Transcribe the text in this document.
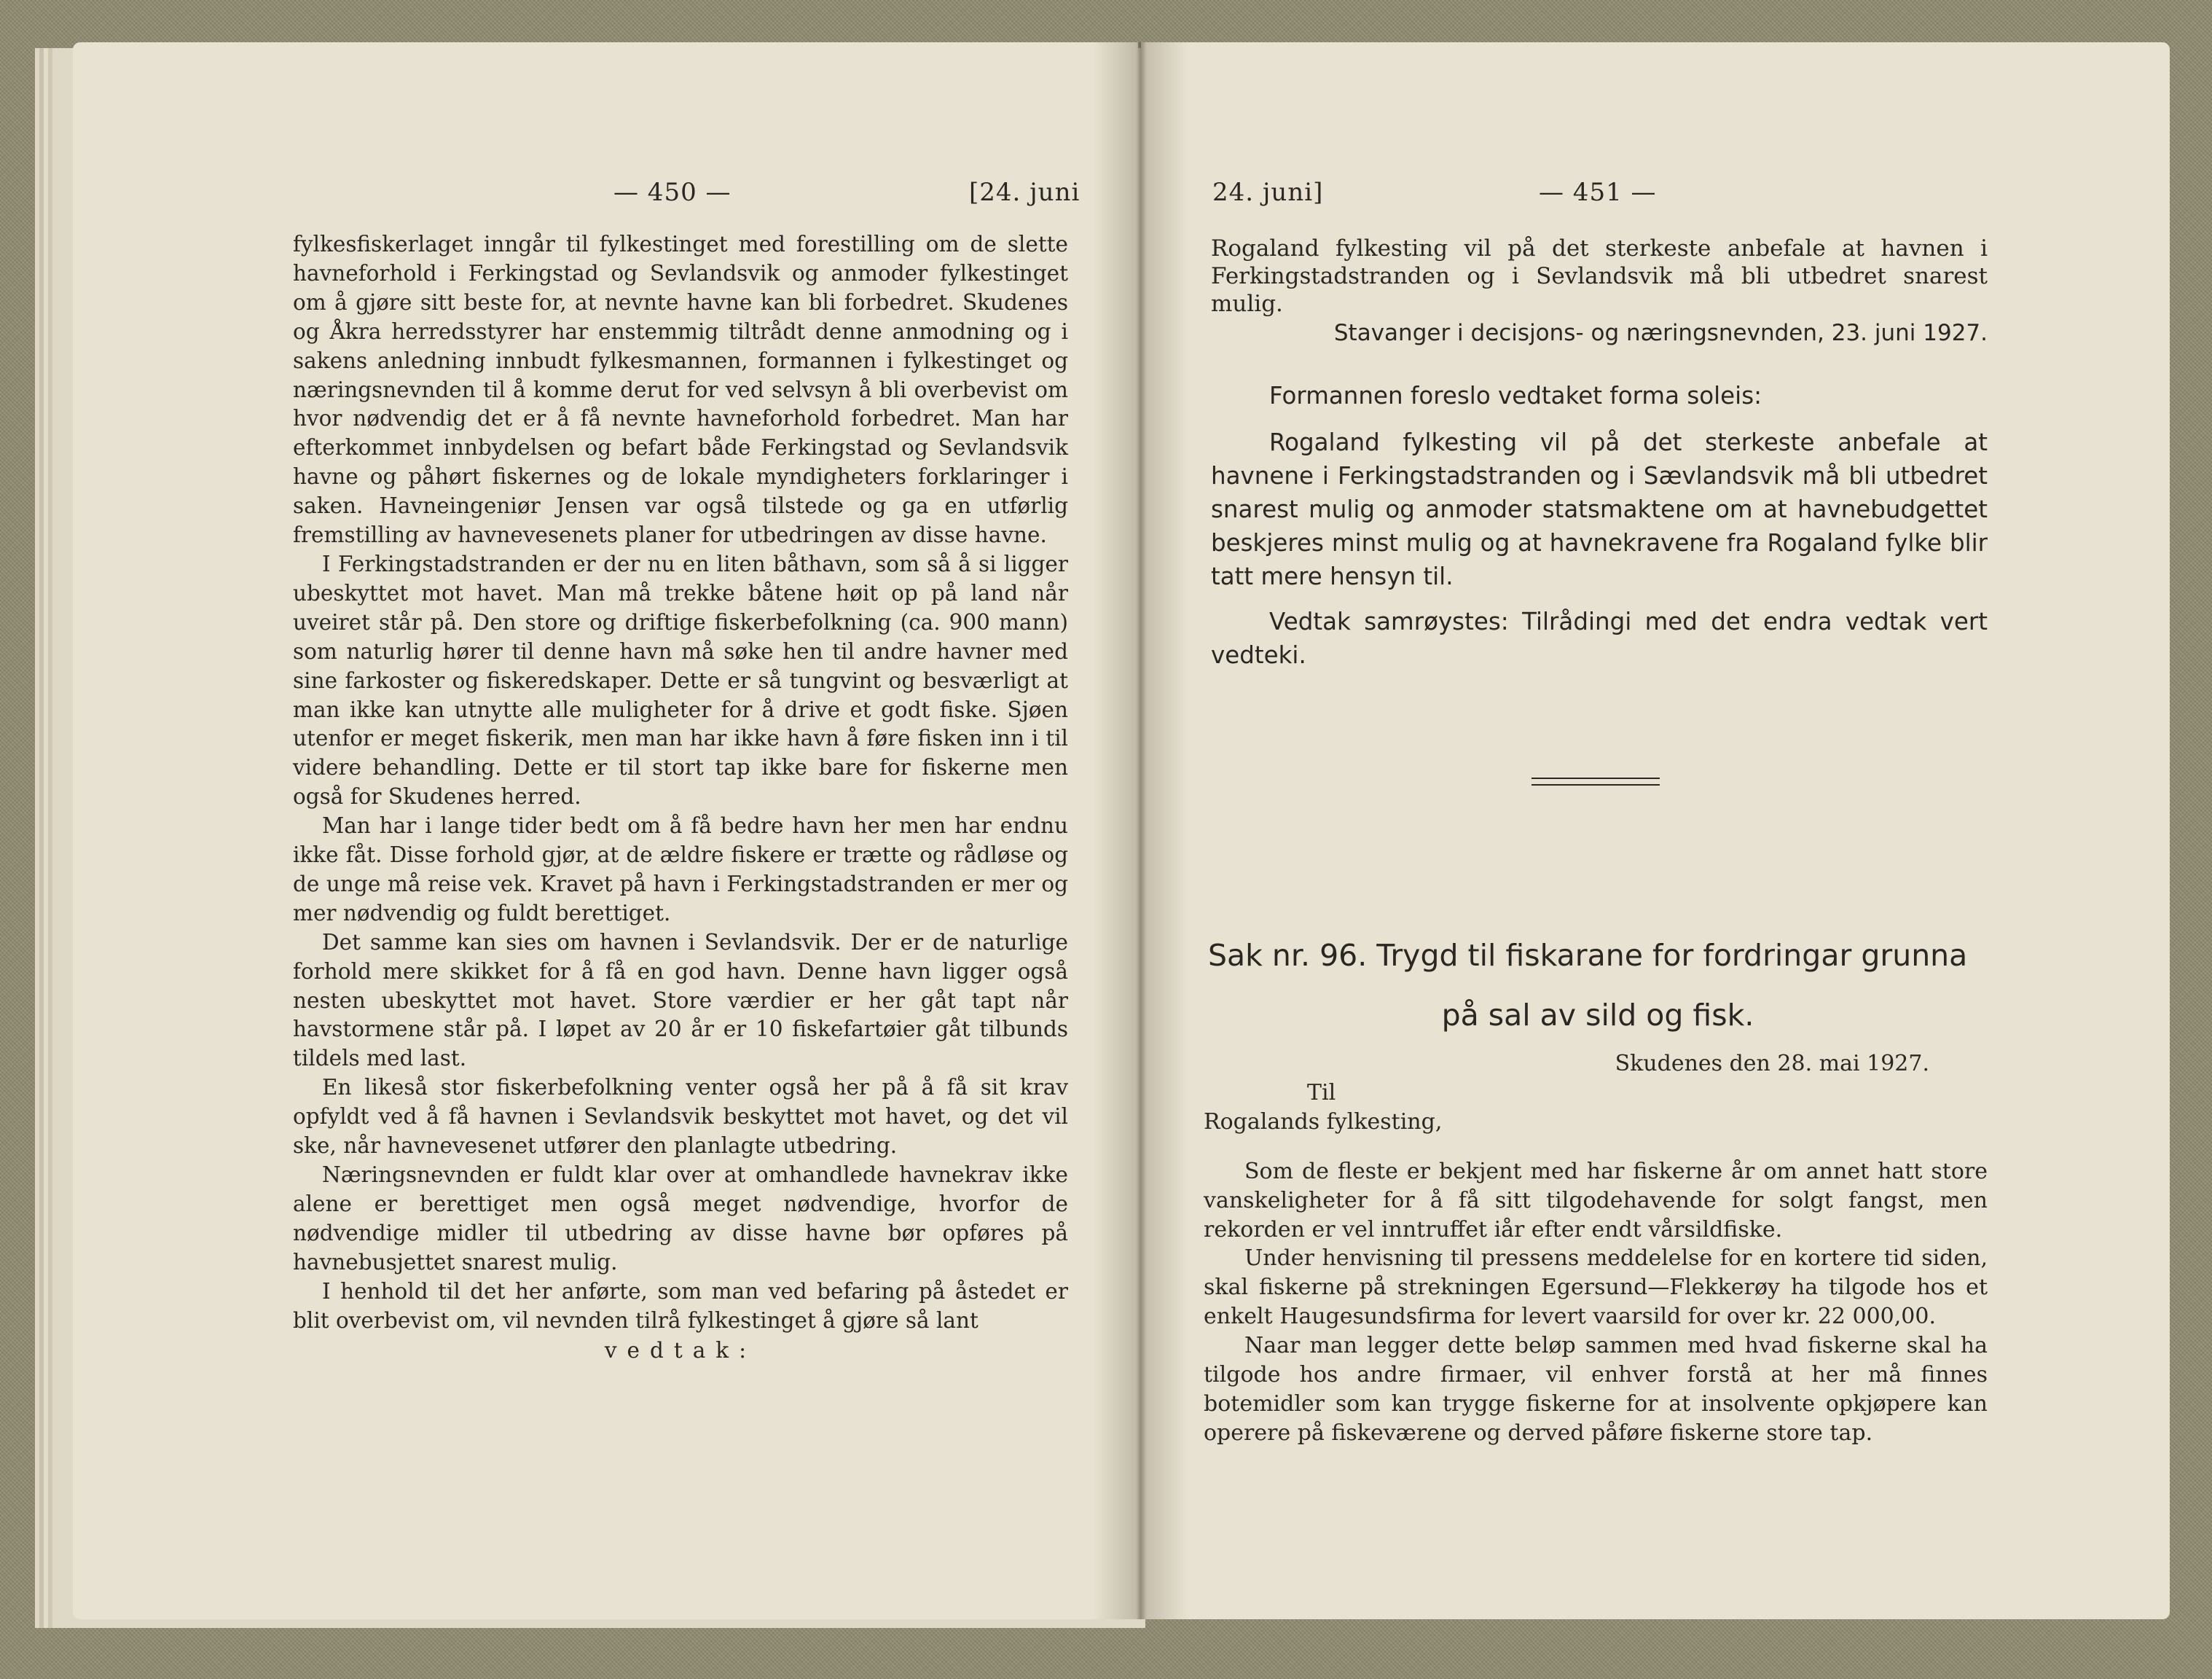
— 450 —	[24. juni

fylkesfiskerlaget inngår til fylkestinget med forestilling om de slette havneforhold i Ferkingstad og Sevlandsvik og anmoder fylkestinget om å gjøre sitt beste for, at nevnte havne kan bli forbedret. Skudenes og Åkra herredsstyrer har enstemmig tiltrådt denne anmodning og i sakens anledning innbudt fylkesmannen, formannen i fylkestinget og næringsnevnden til å komme derut for ved selvsyn å bli overbevist om hvor nødvendig det er å få nevnte havneforhold forbedret. Man har efterkommet innbydelsen og befart både Ferkingstad og Sevlandsvik havne og påhørt fiskernes og de lokale myndigheters forklaringer i saken. Havneingeniør Jensen var også tilstede og ga en utførlig fremstilling av havnevesenets planer for utbedringen av disse havne.

I Ferkingstadstranden er der nu en liten båthavn, som så å si ligger ubeskyttet mot havet. Man må trekke båtene høit op på land når uveiret står på. Den store og driftige fiskerbefolkning (ca. 900 mann) som naturlig hører til denne havn må søke hen til andre havner med sine farkoster og fiskeredskaper. Dette er så tungvint og besværligt at man ikke kan utnytte alle muligheter for å drive et godt fiske. Sjøen utenfor er meget fiskerik, men man har ikke havn å føre fisken inn i til videre behandling. Dette er til stort tap ikke bare for fiskerne men også for Skudenes herred.

Man har i lange tider bedt om å få bedre havn her men har endnu ikke fåt. Disse forhold gjør, at de ældre fiskere er trætte og rådløse og de unge må reise vek. Kravet på havn i Ferkingstadstranden er mer og mer nødvendig og fuldt berettiget.

Det samme kan sies om havnen i Sevlandsvik. Der er de naturlige forhold mere skikket for å få en god havn. Denne havn ligger også nesten ubeskyttet mot havet. Store værdier er her gåt tapt når havstormene står på. I løpet av 20 år er 10 fiskefartøier gåt tilbunds tildels med last.

En likeså stor fiskerbefolkning venter også her på å få sit krav opfyldt ved å få havnen i Sevlandsvik beskyttet mot havet, og det vil ske, når havnevesenet utfører den planlagte utbedring.

Næringsnevnden er fuldt klar over at omhandlede havnekrav ikke alene er berettiget men også meget nødvendige, hvorfor de nødvendige midler til utbedring av disse havne bør opføres på havnebusjettet snarest mulig.

I henhold til det her anførte, som man ved befaring på åstedet er blit overbevist om, vil nevnden tilrå fylkestinget å gjøre så lant

vedtak:
24. juni]	— 451 —

Rogaland fylkesting vil på det sterkeste anbefale at havnen i Ferkingstadstranden og i Sevlandsvik må bli utbedret snarest mulig.

Stavanger i decisjons- og næringsnevnden, 23. juni 1927.
Formannen foreslo vedtaket forma soleis:

Rogaland fylkesting vil på det sterkeste anbefale at havnene i Ferkingstadstranden og i Sævlandsvik må bli utbedret snarest mulig og anmoder statsmaktene om at havnebudgettet beskjeres minst mulig og at havnekravene fra Rogaland fylke blir tatt mere hensyn til.

Vedtak samrøystes: Tilrådingi med det endra vedtak vert vedteki.

Sak nr. 96. Trygd til fiskarane for fordringar grunna
på sal av sild og fisk.

Skudenes den 28. mai 1927.

Til

Rogalands fylkesting,

Som de fleste er bekjent med har fiskerne år om annet hatt store vanskeligheter for å få sitt tilgodehavende for solgt fangst, men rekorden er vel inntruffet iår efter endt vårsildfiske.

Under henvisning til pressens meddelelse for en kortere tid siden, skal fiskerne på strekningen Egersund—Flekkerøy ha tilgode hos et enkelt Haugesundsfirma for levert vaarsild for over kr. 22 000,00.

Naar man legger dette beløp sammen med hvad fiskerne skal ha tilgode hos andre firmaer, vil enhver forstå at her må finnes botemidler som kan trygge fiskerne for at insolvente opkjøpere kan operere på fiskeværene og derved påføre fiskerne store tap.
